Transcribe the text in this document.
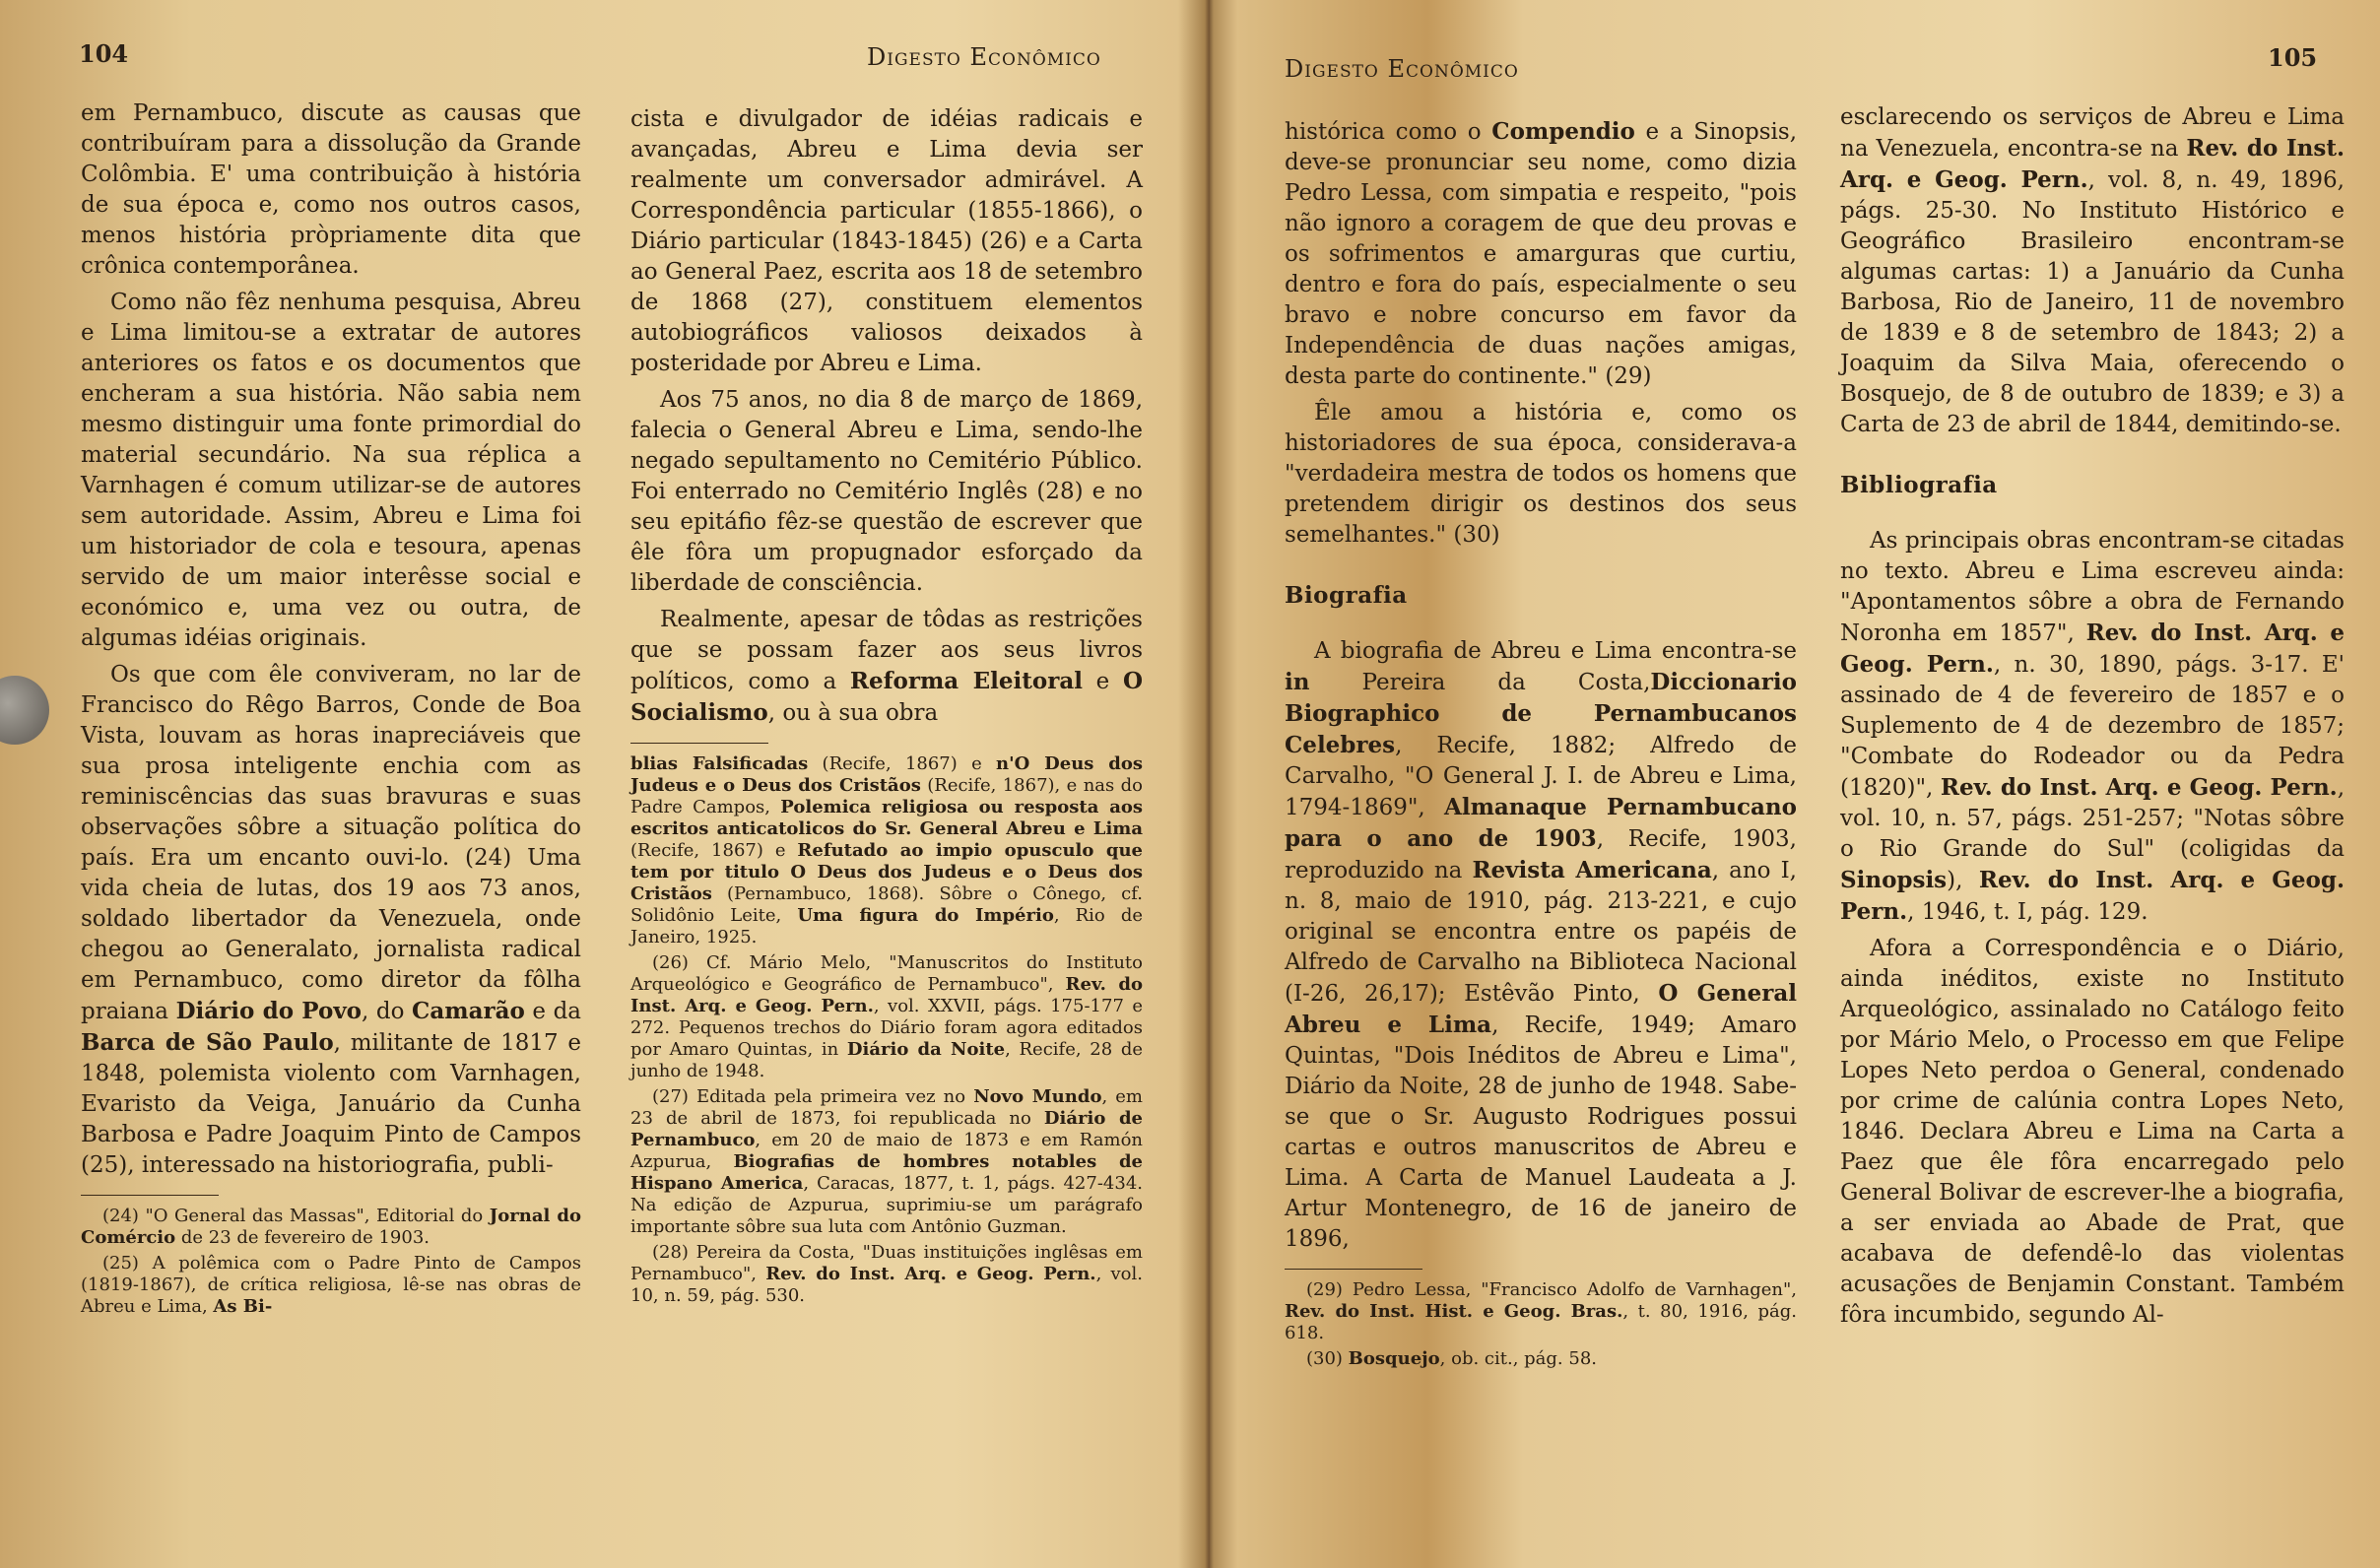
104	Digesto Econômico

em Pernambuco, discute as causas que contribuíram para a dissolução da Grande Colômbia. E' uma contribuição à história de sua época e, como nos outros casos, menos história pròpriamente dita que crônica contemporânea.

Como não fêz nenhuma pesquisa, Abreu e Lima limitou-se a extratar de autores anteriores os fatos e os documentos que encheram a sua história. Não sabia nem mesmo distinguir uma fonte primordial do material secundário. Na sua réplica a Varnhagen é comum utilizar-se de autores sem autoridade. Assim, Abreu e Lima foi um historiador de cola e tesoura, apenas servido de um maior interêsse social e económico e, uma vez ou outra, de algumas idéias originais.

Os que com êle conviveram, no lar de Francisco do Rêgo Barros, Conde de Boa Vista, louvam as horas inapreciáveis que sua prosa inteligente enchia com as reminiscências das suas bravuras e suas observações sôbre a situação política do país. Era um encanto ouvi-lo. (24) Uma vida cheia de lutas, dos 19 aos 73 anos, soldado libertador da Venezuela, onde chegou ao Generalato, jornalista radical em Pernambuco, como diretor da fôlha praiana Diário do Povo, do Camarão e da Barca de São Paulo, militante de 1817 e 1848, polemista violento com Varnhagen, Evaristo da Veiga, Januário da Cunha Barbosa e Padre Joaquim Pinto de Campos (25), interessado na historiografia, publi-

(24) "O General das Massas", Editorial do Jornal do Comércio de 23 de fevereiro de 1903.

(25) A polêmica com o Padre Pinto de Campos (1819-1867), de crítica religiosa, lê-se nas obras de Abreu e Lima, As Bi-

cista e divulgador de idéias radicais e avançadas, Abreu e Lima devia ser realmente um conversador admirável. A Correspondência particular (1855-1866), o Diário particular (1843-1845) (26) e a Carta ao General Paez, escrita aos 18 de setembro de 1868 (27), constituem elementos autobiográficos valiosos deixados à posteridade por Abreu e Lima.

Aos 75 anos, no dia 8 de março de 1869, falecia o General Abreu e Lima, sendo-lhe negado sepultamento no Cemitério Público. Foi enterrado no Cemitério Inglês (28) e no seu epitáfio fêz-se questão de escrever que êle fôra um propugnador esforçado da liberdade de consciência.

Realmente, apesar de tôdas as restrições que se possam fazer aos seus livros políticos, como a Reforma Eleitoral e O Socialismo, ou à sua obra

blias Falsificadas (Recife, 1867) e n'O Deus dos Judeus e o Deus dos Cristãos (Recife, 1867), e nas do Padre Campos, Polemica religiosa ou resposta aos escritos anticatolicos do Sr. General Abreu e Lima (Recife, 1867) e Refutado ao impio opusculo que tem por titulo O Deus dos Judeus e o Deus dos Cristãos (Pernambuco, 1868). Sôbre o Cônego, cf. Solidônio Leite, Uma figura do Império, Rio de Janeiro, 1925.

(26) Cf. Mário Melo, "Manuscritos do Instituto Arqueológico e Geográfico de Pernambuco", Rev. do Inst. Arq. e Geog. Pern., vol. XXVII, págs. 175-177 e 272. Pequenos trechos do Diário foram agora editados por Amaro Quintas, in Diário da Noite, Recife, 28 de junho de 1948.

(27) Editada pela primeira vez no Novo Mundo, em 23 de abril de 1873, foi republicada no Diário de Pernambuco, em 20 de maio de 1873 e em Ramón Azpurua, Biografias de hombres notables de Hispano America, Caracas, 1877, t. 1, págs. 427-434. Na edição de Azpurua, suprimiu-se um parágrafo importante sôbre sua luta com Antônio Guzman.

(28) Pereira da Costa, "Duas instituições inglêsas em Pernambuco", Rev. do Inst. Arq. e Geog. Pern., vol. 10, n. 59, pág. 530.

Digesto Econômico	105

histórica como o Compendio e a Sinopsis, deve-se pronunciar seu nome, como dizia Pedro Lessa, com simpatia e respeito, "pois não ignoro a coragem de que deu provas e os sofrimentos e amarguras que curtiu, dentro e fora do país, especialmente o seu bravo e nobre concurso em favor da Independência de duas nações amigas, desta parte do continente." (29)

Êle amou a história e, como os historiadores de sua época, considerava-a "verdadeira mestra de todos os homens que pretendem dirigir os destinos dos seus semelhantes." (30)

Biografia

A biografia de Abreu e Lima encontra-se in Pereira da Costa,Diccionario Biographico de Pernambucanos Celebres, Recife, 1882; Alfredo de Carvalho, "O General J. I. de Abreu e Lima, 1794-1869", Almanaque Pernambucano para o ano de 1903, Recife, 1903, reproduzido na Revista Americana, ano I, n. 8, maio de 1910, pág. 213-221, e cujo original se encontra entre os papéis de Alfredo de Carvalho na Biblioteca Nacional (I-26, 26,17); Estêvão Pinto, O General Abreu e Lima, Recife, 1949; Amaro Quintas, "Dois Inéditos de Abreu e Lima", Diário da Noite, 28 de junho de 1948. Sabe-se que o Sr. Augusto Rodrigues possui cartas e outros manuscritos de Abreu e Lima. A Carta de Manuel Laudeata a J. Artur Montenegro, de 16 de janeiro de 1896,

(29) Pedro Lessa, "Francisco Adolfo de Varnhagen", Rev. do Inst. Hist. e Geog. Bras., t. 80, 1916, pág. 618.

(30) Bosquejo, ob. cit., pág. 58.

esclarecendo os serviços de Abreu e Lima na Venezuela, encontra-se na Rev. do Inst. Arq. e Geog. Pern., vol. 8, n. 49, 1896, págs. 25-30. No Instituto Histórico e Geográfico Brasileiro encontram-se algumas cartas: 1) a Januário da Cunha Barbosa, Rio de Janeiro, 11 de novembro de 1839 e 8 de setembro de 1843; 2) a Joaquim da Silva Maia, oferecendo o Bosquejo, de 8 de outubro de 1839; e 3) a Carta de 23 de abril de 1844, demitindo-se.

Bibliografia

As principais obras encontram-se citadas no texto. Abreu e Lima escreveu ainda: "Apontamentos sôbre a obra de Fernando Noronha em 1857", Rev. do Inst. Arq. e Geog. Pern., n. 30, 1890, págs. 3-17. E' assinado de 4 de fevereiro de 1857 e o Suplemento de 4 de dezembro de 1857; "Combate do Rodeador ou da Pedra (1820)", Rev. do Inst. Arq. e Geog. Pern., vol. 10, n. 57, págs. 251-257; "Notas sôbre o Rio Grande do Sul" (coligidas da Sinopsis), Rev. do Inst. Arq. e Geog. Pern., 1946, t. I, pág. 129.

Afora a Correspondência e o Diário, ainda inéditos, existe no Instituto Arqueológico, assinalado no Catálogo feito por Mário Melo, o Processo em que Felipe Lopes Neto perdoa o General, condenado por crime de calúnia contra Lopes Neto, 1846. Declara Abreu e Lima na Carta a Paez que êle fôra encarregado pelo General Bolivar de escrever-lhe a biografia, a ser enviada ao Abade de Prat, que acabava de defendê-lo das violentas acusações de Benjamin Constant. Também fôra incumbido, segundo Al-
